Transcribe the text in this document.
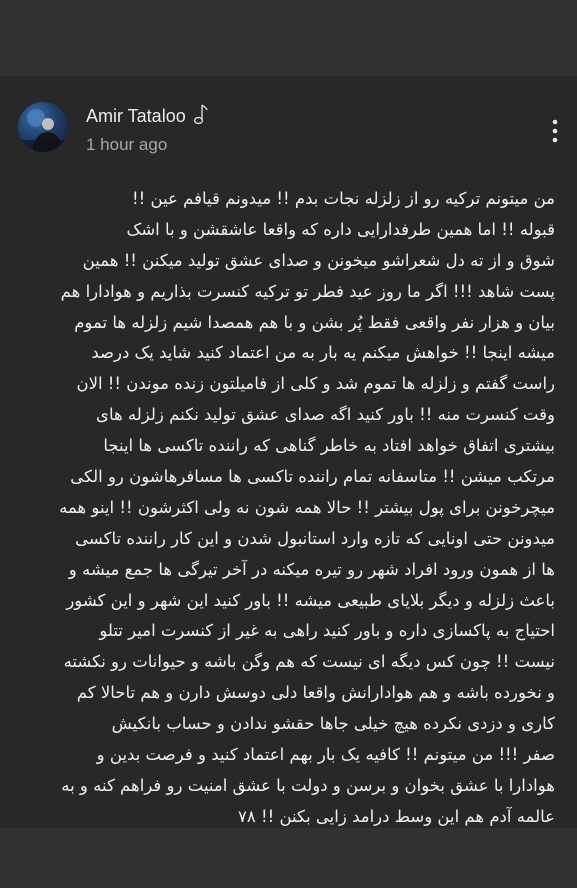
Amir Tataloo
1 hour ago
من میتونم ترکیه رو از زلزله نجات بدم !! میدونم قیافم عین !!
قبوله !! اما همین طرفدارایی داره که واقعا عاشقشن و با اشک
شوق و از ته دل شعراشو میخونن و صدای عشق تولید میکنن !! همین
پست شاهد !!! اگر ما روز عید فطر تو ترکیه کنسرت بذاریم و هوادارا هم
بیان و هزار نفر واقعی فقط پُر بشن و با هم همصدا شیم زلزله ها تموم
میشه اینجا !! خواهش میکنم یه بار به من اعتماد کنید شاید یک درصد
راست گفتم و زلزله ها تموم شد و کلی از فامیلتون زنده موندن !! الان
وقت کنسرت منه !! باور کنید اگه صدای عشق تولید نکنم زلزله های
بیشتری اتفاق خواهد افتاد به خاطر گناهی که راننده تاکسی ها اینجا
مرتکب میشن !! متاسفانه تمام راننده تاکسی ها مسافرهاشون رو الکی
میچرخونن برای پول بیشتر !! حالا همه شون نه ولی اکثرشون !! اینو همه
میدونن حتی اونایی که تازه وارد استانبول شدن و این کار راننده تاکسی
ها از همون ورود افراد شهر رو تیره میکنه در آخر تیرگی ها جمع میشه و
باعث زلزله و دیگر بلایای طبیعی میشه !! باور کنید این شهر و این کشور
احتیاج به پاکسازی داره و باور کنید راهی به غیر از کنسرت امیر تتلو
نیست !! چون کس دیگه ای نیست که هم وگن باشه و حیوانات رو نکشته
و نخورده باشه و هم هوادارانش واقعا دلی دوسش دارن و هم تاحالا کم
کاری و دزدی نکرده هیچ خیلی جاها حقشو ندادن و حساب بانکیش
صفر !!! من میتونم !! کافیه یک بار بهم اعتماد کنید و فرصت بدین و
هوادارا با عشق بخوان و برسن و دولت با عشق امنیت رو فراهم کنه و به
عالمه آدم هم این وسط درامد زایی بکنن !! ۷۸
